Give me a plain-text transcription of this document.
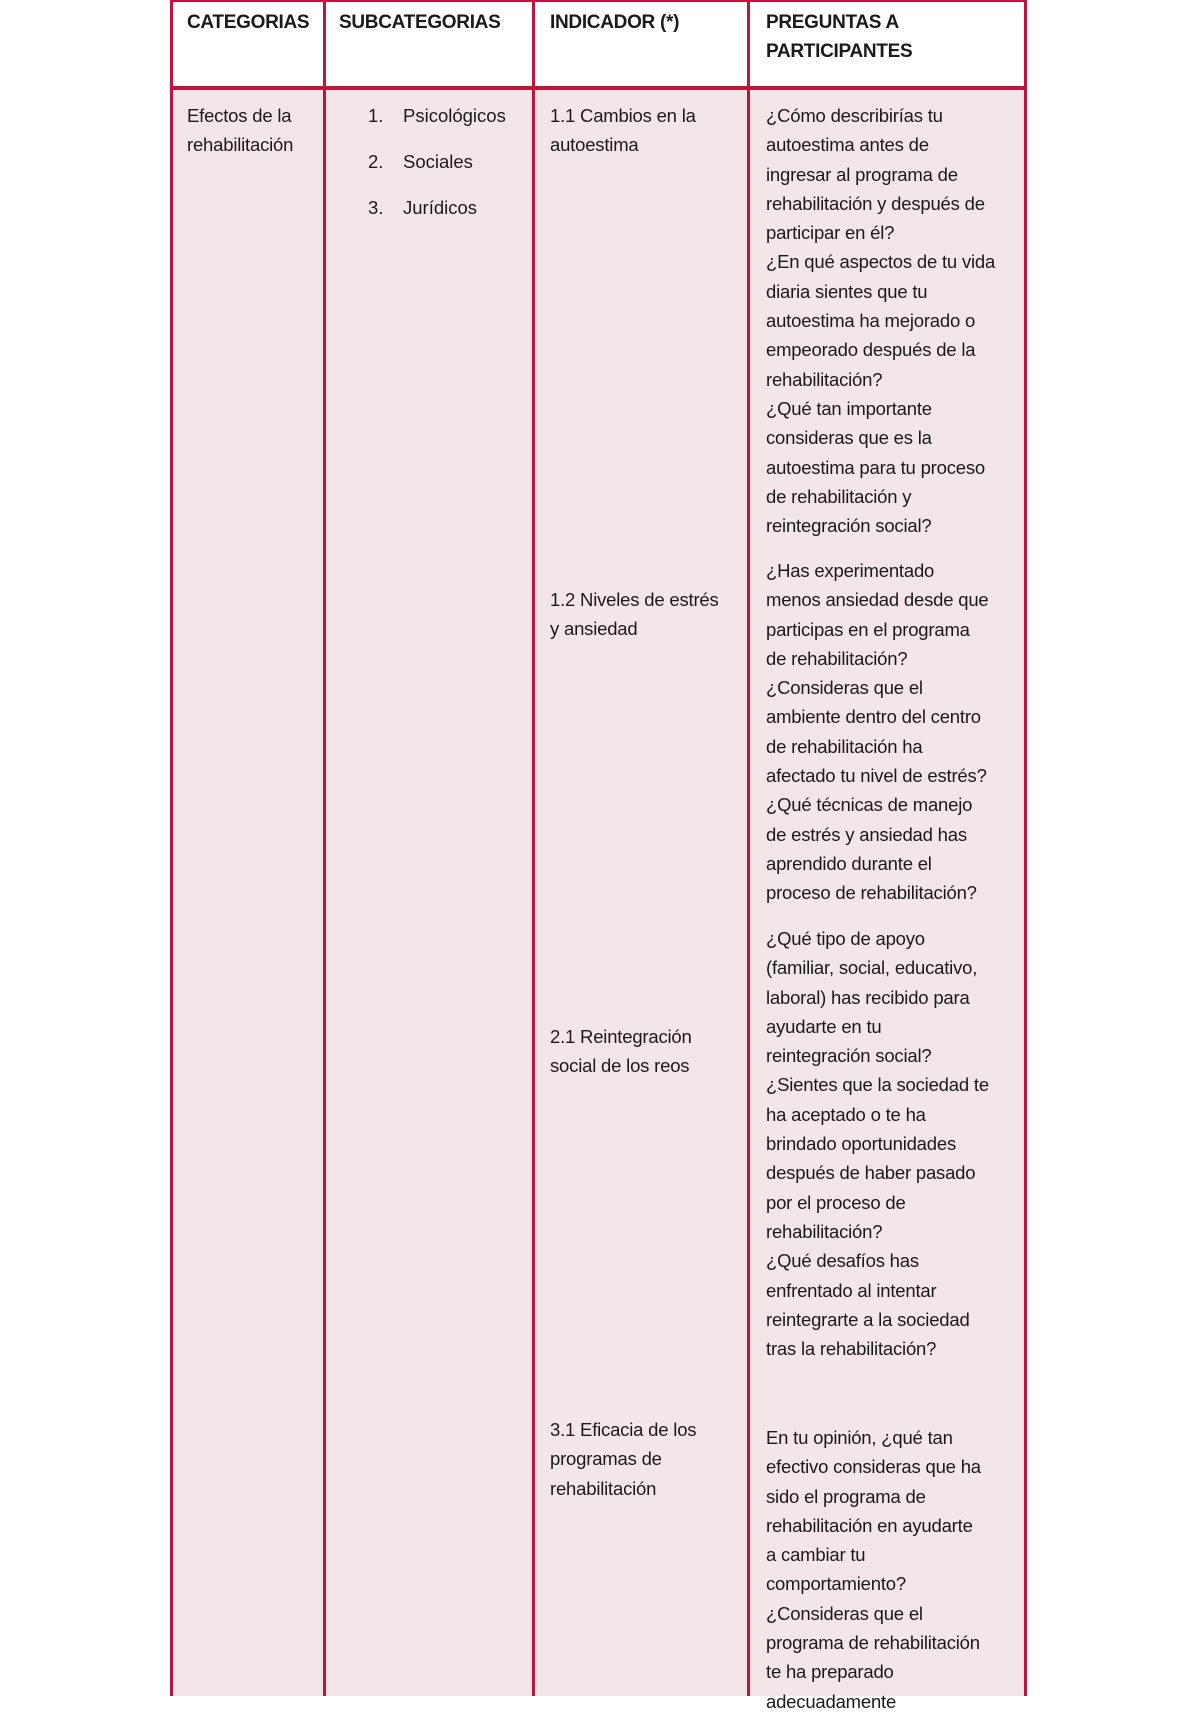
CATEGORIAS SUBCATEGORIAS	INDICADOR (*)	PREGUNTAS A
PARTICIPANTES
Efectos de la
rehabilitación
1. Psicológicos
2. Sociales
3. Jurídicos
1.1 Cambios en la
autoestima
1.2 Niveles de estrés
y ansiedad
2.1 Reintegración
social de los reos
3.1 Eficacia de los
programas de
rehabilitación

¿Cómo describirías tu

autoestima antes de

ingresar al programa de

rehabilitación y después de

participar en él?

¿En qué aspectos de tu vida

diaria sientes que tu

autoestima ha mejorado o

empeorado después de la

rehabilitación?

¿Qué tan importante

consideras que es la

autoestima para tu proceso

de rehabilitación y

reintegración social?

¿Has experimentado

menos ansiedad desde que

participas en el programa

de rehabilitación?

¿Consideras que el

ambiente dentro del centro

de rehabilitación ha

afectado tu nivel de estrés?

¿Qué técnicas de manejo

de estrés y ansiedad has

aprendido durante el

proceso de rehabilitación?

¿Qué tipo de apoyo

(familiar, social, educativo,

laboral) has recibido para

ayudarte en tu

reintegración social?

¿Sientes que la sociedad te

ha aceptado o te ha

brindado oportunidades

después de haber pasado

por el proceso de

rehabilitación?

¿Qué desafíos has

enfrentado al intentar

reintegrarte a la sociedad

tras la rehabilitación?

En tu opinión, ¿qué tan

efectivo consideras que ha

sido el programa de

rehabilitación en ayudarte

a cambiar tu

comportamiento?

¿Consideras que el

programa de rehabilitación

te ha preparado

adecuadamente
